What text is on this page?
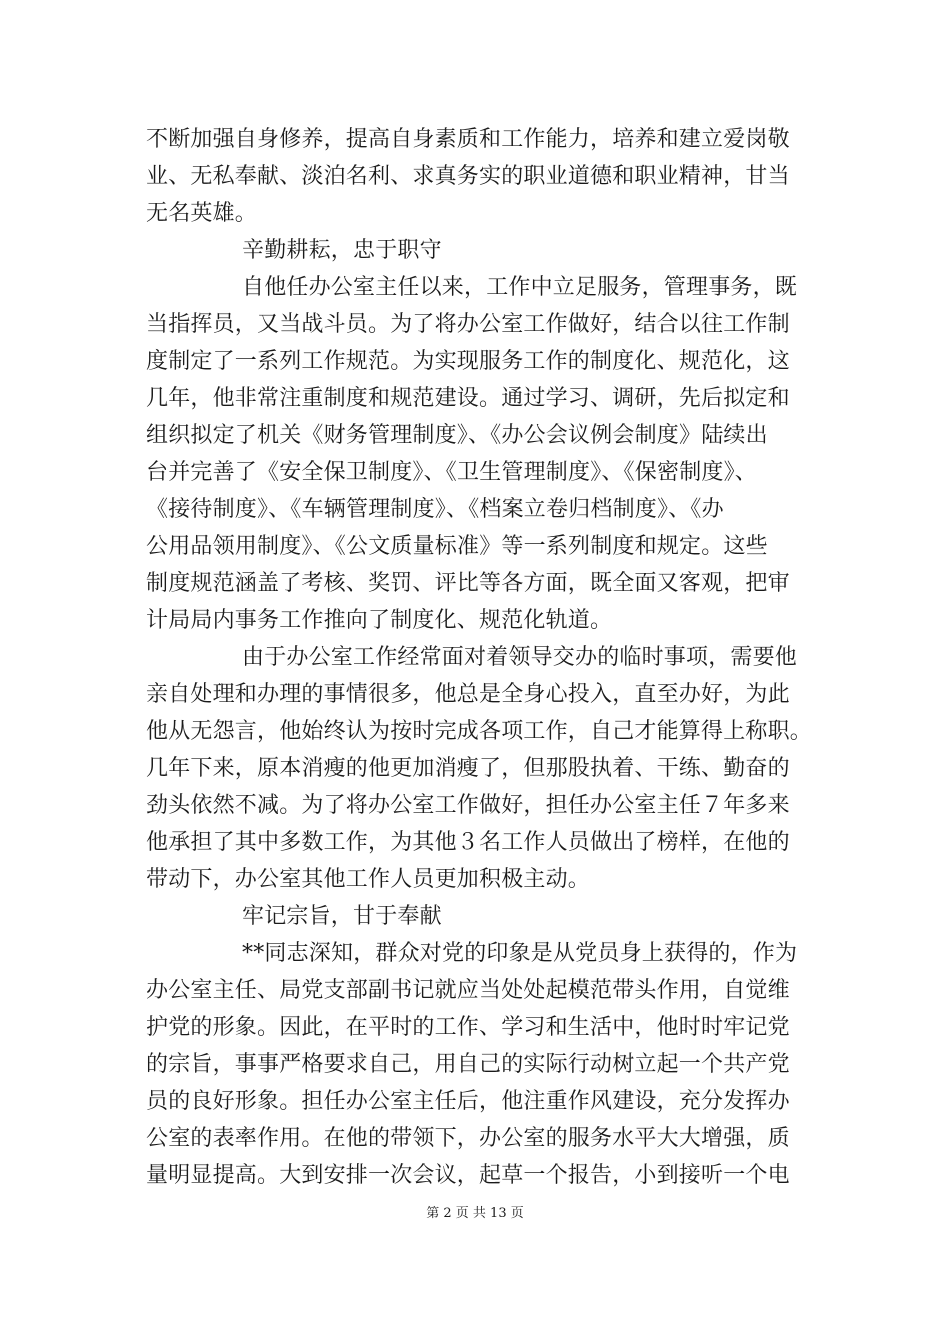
不断加强自身修养，提高自身素质和工作能力，培养和建立爱岗敬
业、无私奉献、淡泊名利、求真务实的职业道德和职业精神，甘当
无名英雄。
辛勤耕耘，忠于职守
自他任办公室主任以来，工作中立足服务，管理事务，既
当指挥员，又当战斗员。为了将办公室工作做好，结合以往工作制
度制定了一系列工作规范。为实现服务工作的制度化、规范化，这
几年，他非常注重制度和规范建设。通过学习、调研，先后拟定和
组织拟定了机关《财务管理制度》、《办公会议例会制度》陆续出
台并完善了《安全保卫制度》、《卫生管理制度》、《保密制度》、
《接待制度》、《车辆管理制度》、《档案立卷归档制度》、《办
公用品领用制度》、《公文质量标准》等一系列制度和规定。这些
制度规范涵盖了考核、奖罚、评比等各方面，既全面又客观，把审
计局局内事务工作推向了制度化、规范化轨道。
由于办公室工作经常面对着领导交办的临时事项，需要他
亲自处理和办理的事情很多，他总是全身心投入，直至办好，为此
他从无怨言，他始终认为按时完成各项工作，自己才能算得上称职。
几年下来，原本消瘦的他更加消瘦了，但那股执着、干练、勤奋的
劲头依然不减。为了将办公室工作做好，担任办公室主任７年多来
他承担了其中多数工作，为其他３名工作人员做出了榜样，在他的
带动下，办公室其他工作人员更加积极主动。
牢记宗旨，甘于奉献
**同志深知，群众对党的印象是从党员身上获得的，作为
办公室主任、局党支部副书记就应当处处起模范带头作用，自觉维
护党的形象。因此，在平时的工作、学习和生活中，他时时牢记党
的宗旨，事事严格要求自己，用自己的实际行动树立起一个共产党
员的良好形象。担任办公室主任后，他注重作风建设，充分发挥办
公室的表率作用。在他的带领下，办公室的服务水平大大增强，质
量明显提高。大到安排一次会议，起草一个报告，小到接听一个电
第 2 页 共 13 页
